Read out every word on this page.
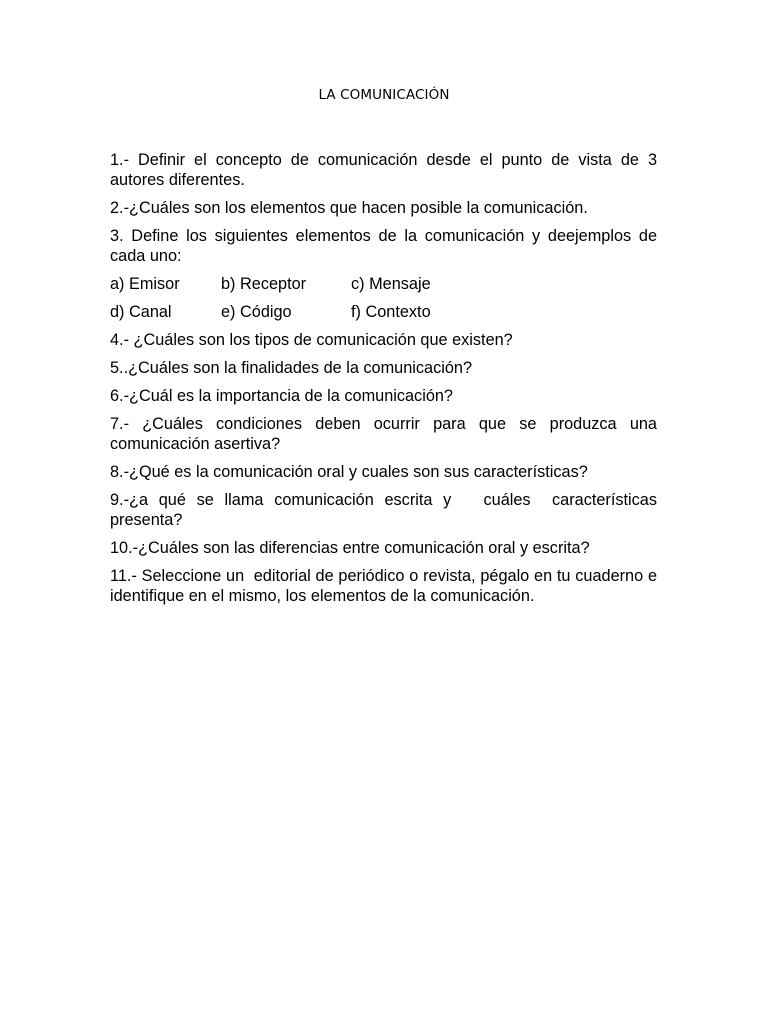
LA COMUNICACIÓN

1.- Definir el concepto de comunicación desde el punto de vista de 3 autores diferentes.

2.-¿Cuáles son los elementos que hacen posible la comunicación.

3. Define los siguientes elementos de la comunicación y deejemplos de cada uno:

a) Emisor	b) Receptor	c) Mensaje
d) Canal	e) Código	f) Contexto

4.- ¿Cuáles son los tipos de comunicación que existen?

5..¿Cuáles son la finalidades de la comunicación?

6.-¿Cuál es la importancia de la comunicación?

7.- ¿Cuáles condiciones deben ocurrir para que se produzca una comunicación asertiva?

8.-¿Qué es la comunicación oral y cuales son sus características?

9.-¿a qué se llama comunicación escrita y   cuáles  características presenta?

10.-¿Cuáles son las diferencias entre comunicación oral y escrita?

11.- Seleccione un  editorial de periódico o revista, pégalo en tu cuaderno e identifique en el mismo, los elementos de la comunicación.
